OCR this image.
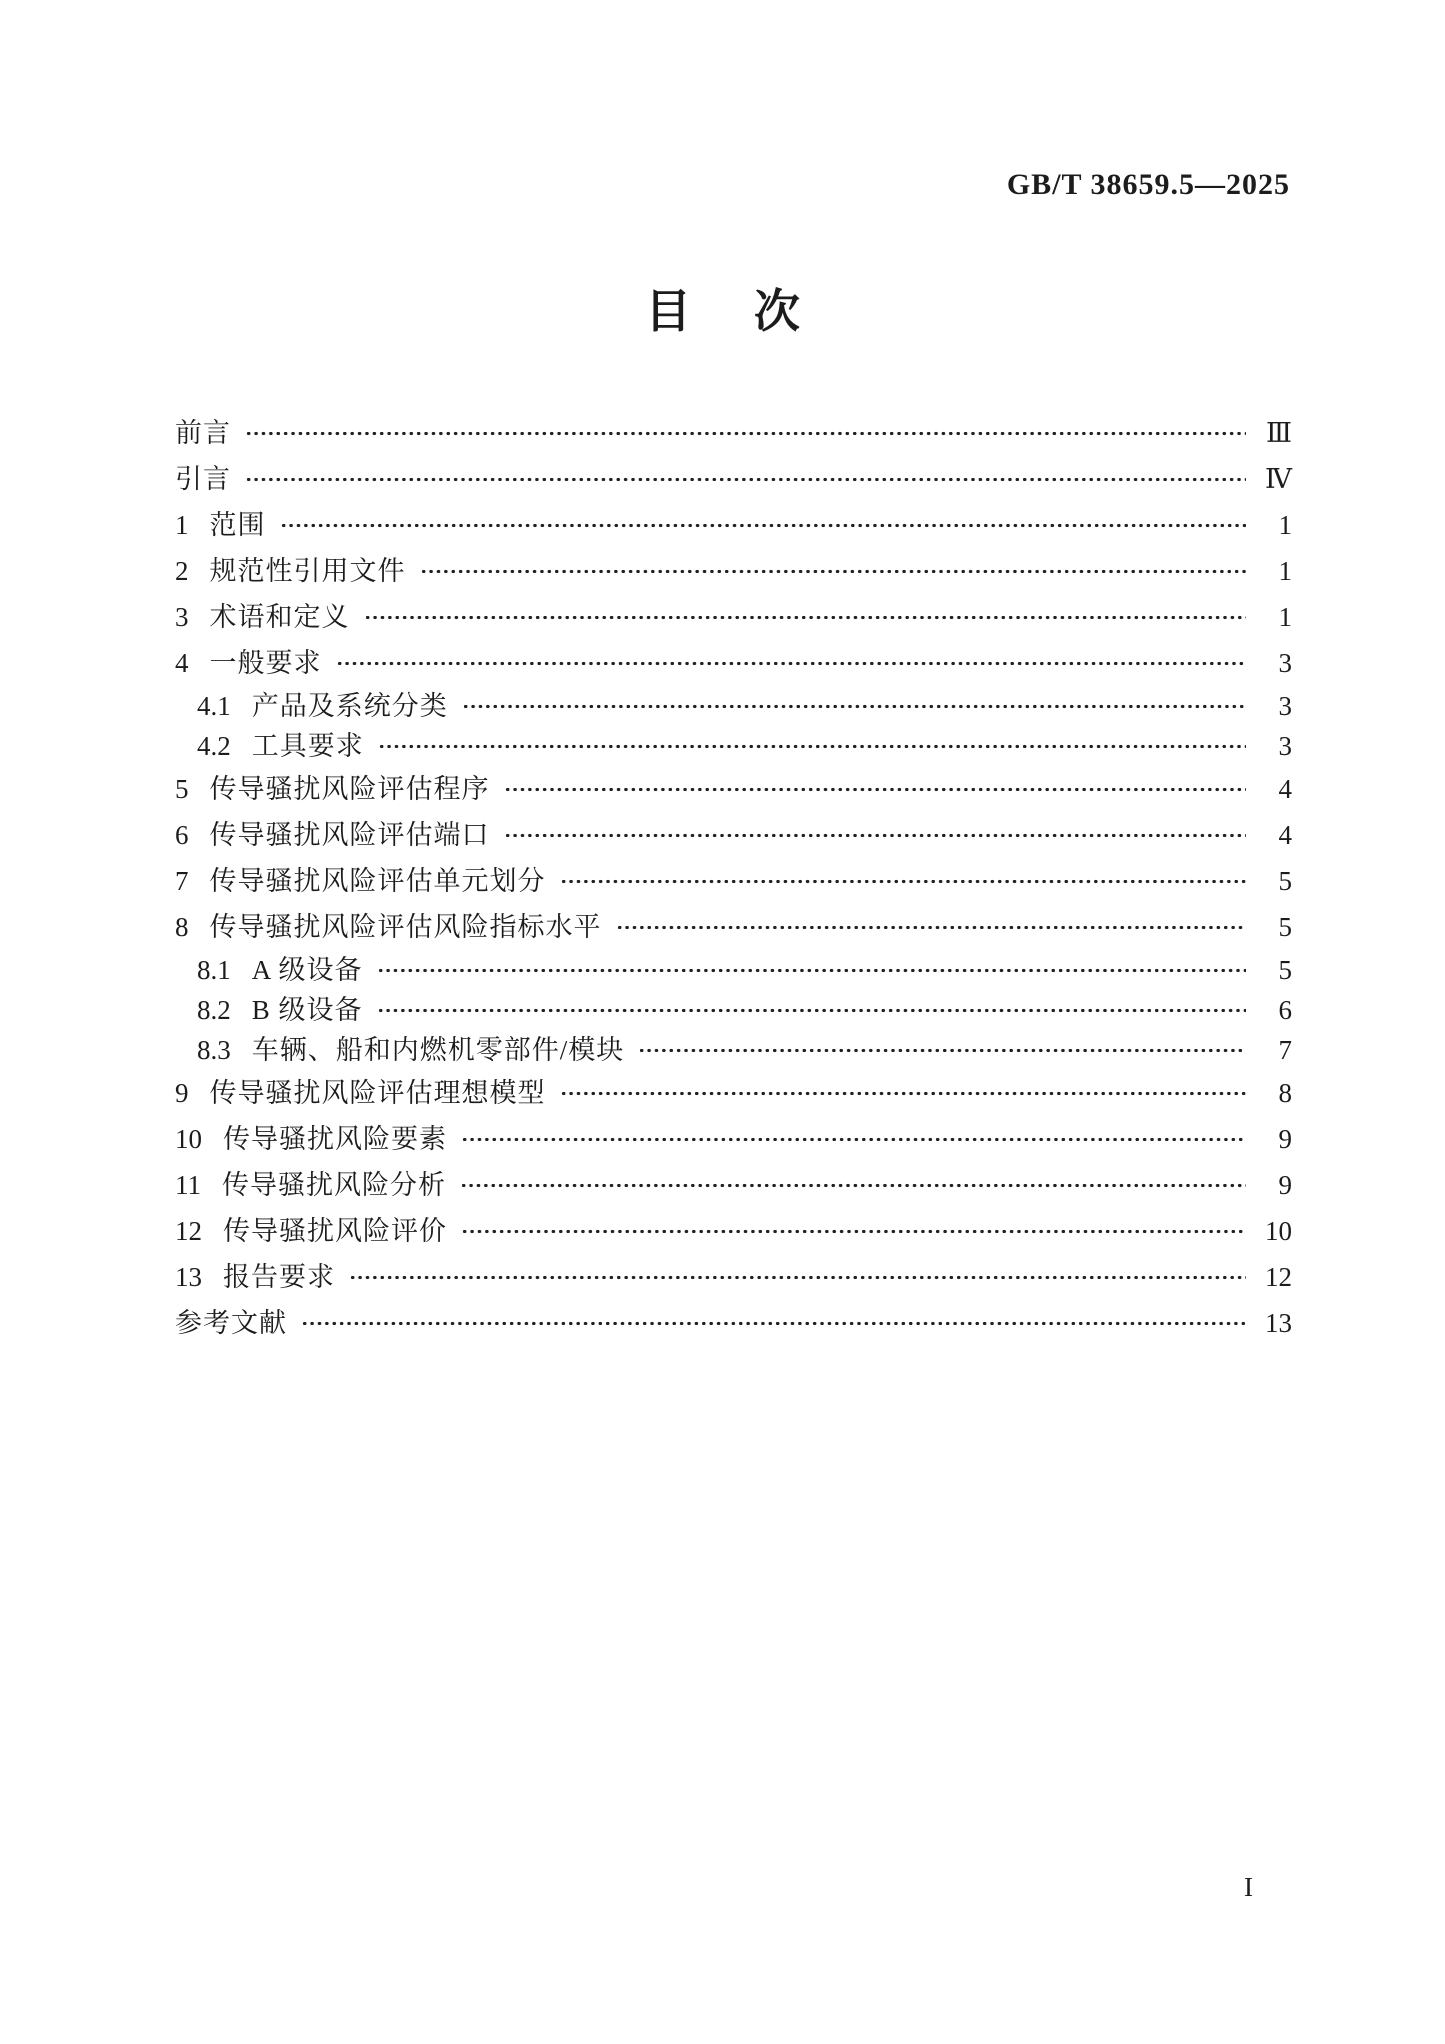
GB/T 38659.5—2025
目 次
前言	Ⅲ
引言	Ⅳ
1 范围	1
2 规范性引用文件	1
3 术语和定义	1
4 一般要求	3
4.1 产品及系统分类	3
4.2 工具要求	3
5 传导骚扰风险评估程序	4
6 传导骚扰风险评估端口	4
7 传导骚扰风险评估单元划分	5
8 传导骚扰风险评估风险指标水平	5
8.1 A 级设备	5
8.2 B 级设备	6
8.3 车辆、船和内燃机零部件/模块	7
9 传导骚扰风险评估理想模型	8
10 传导骚扰风险要素	9
11 传导骚扰风险分析	9
12 传导骚扰风险评价	10
13 报告要求	12
参考文献	13
I
